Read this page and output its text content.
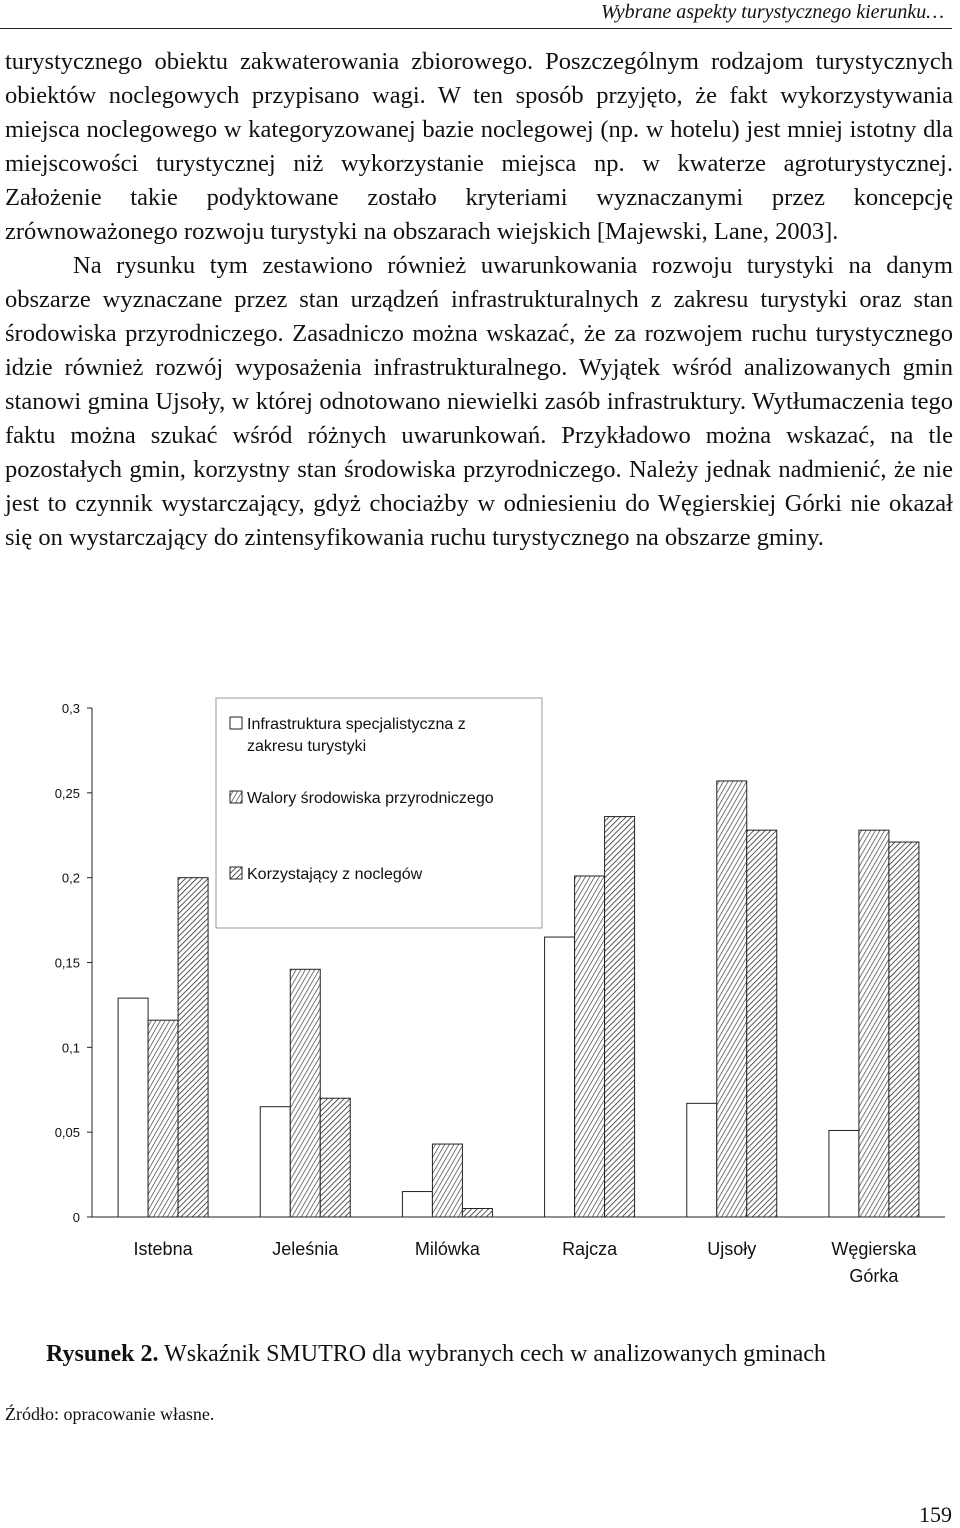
Wybrane aspekty turystycznego kierunku…

turystycznego obiektu zakwaterowania zbiorowego. Poszczególnym rodzajom turystycznych obiektów noclegowych przypisano wagi. W ten sposób przyjęto, że fakt wykorzystywania miejsca noclegowego w kategoryzowanej bazie noclegowej (np. w hotelu) jest mniej istotny dla miejscowości turystycznej niż wykorzystanie miejsca np. w kwaterze agroturystycznej. Założenie takie podyktowane zostało kryteriami wyznaczanymi przez koncepcję zrównoważonego rozwoju turystyki na obszarach wiejskich [Majewski, Lane, 2003].

Na rysunku tym zestawiono również uwarunkowania rozwoju turystyki na danym obszarze wyznaczane przez stan urządzeń infrastrukturalnych z zakresu turystyki oraz stan środowiska przyrodniczego. Zasadniczo można wskazać, że za rozwojem ruchu turystycznego idzie również rozwój wyposażenia infrastrukturalnego. Wyjątek wśród analizowanych gmin stanowi gmina Ujsoły, w której odnotowano niewielki zasób infrastruktury. Wytłumaczenia tego faktu można szukać wśród różnych uwarunkowań. Przykładowo można wskazać, na tle pozostałych gmin, korzystny stan środowiska przyrodniczego. Należy jednak nadmienić, że nie jest to czynnik wystarczający, gdyż chociażby w odniesieniu do Węgierskiej Górki nie okazał się on wystarczający do zintensyfikowania ruchu turystycznego na obszarze gminy.

0
0,05
0,1
0,15
0,2
0,25
0,3
Istebna	Jeleśnia	Milówka	Rajcza	Ujsoły	Węgierska
Górka
Infrastruktura specjalistyczna z
zakresu turystyki
Walory środowiska przyrodniczego
Korzystający z noclegów
Rysunek 2. Wskaźnik SMUTRO dla wybranych cech w analizowanych gminach
Źródło: opracowanie własne.
159
